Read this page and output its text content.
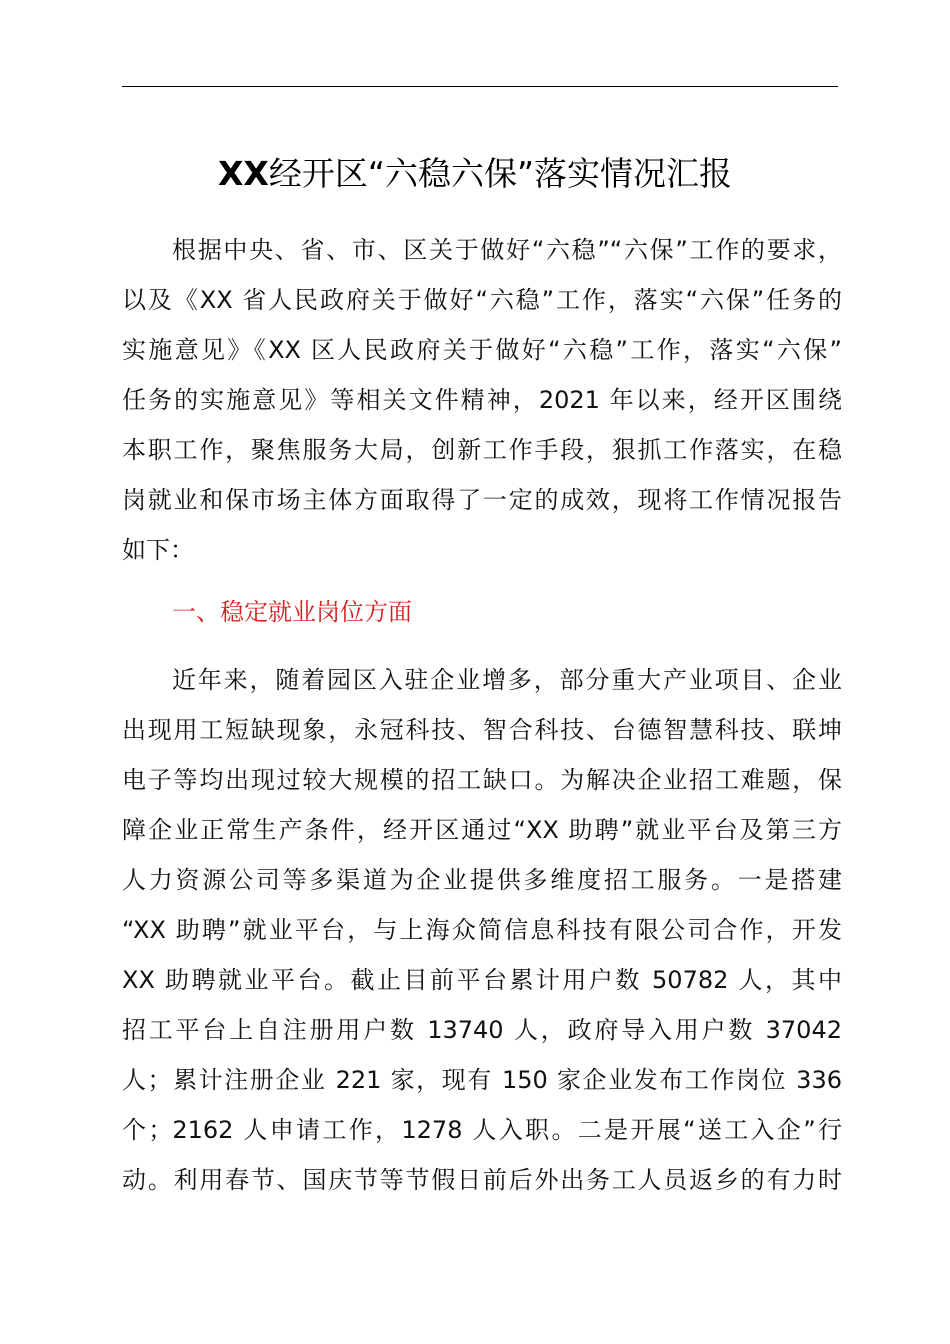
XX经开区“六稳六保”落实情况汇报
根据中央、省、市、区关于做好“六稳”“六保”工作的要求，
以及《XX 省人民政府关于做好“六稳”工作，落实“六保”任务的
实施意见》《XX 区人民政府关于做好“六稳”工作，落实“六保”
任务的实施意见》等相关文件精神，2021 年以来，经开区围绕
本职工作，聚焦服务大局，创新工作手段，狠抓工作落实，在稳
岗就业和保市场主体方面取得了一定的成效，现将工作情况报告
如下：
一、稳定就业岗位方面
近年来，随着园区入驻企业增多，部分重大产业项目、企业
出现用工短缺现象，永冠科技、智合科技、台德智慧科技、联坤
电子等均出现过较大规模的招工缺口。为解决企业招工难题，保
障企业正常生产条件，经开区通过“XX 助聘”就业平台及第三方
人力资源公司等多渠道为企业提供多维度招工服务。一是搭建
“XX 助聘”就业平台，与上海众简信息科技有限公司合作，开发
XX 助聘就业平台。截止目前平台累计用户数 50782 人，其中
招工平台上自注册用户数 13740 人，政府导入用户数 37042
人；累计注册企业 221 家，现有 150 家企业发布工作岗位 336
个；2162 人申请工作，1278 人入职。二是开展“送工入企”行
动。利用春节、国庆节等节假日前后外出务工人员返乡的有力时
